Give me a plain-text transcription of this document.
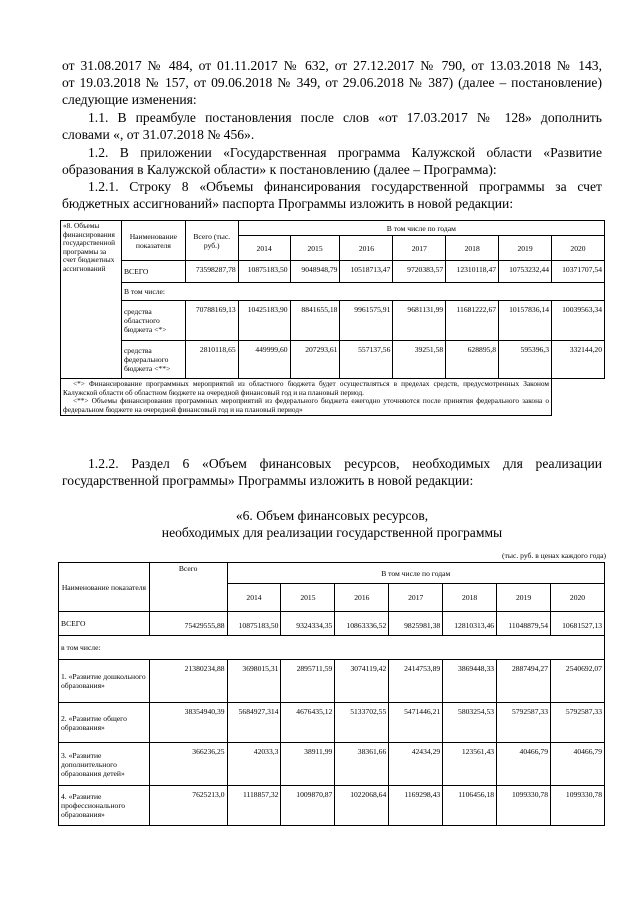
от 31.08.2017 № 484, от 01.11.2017 № 632, от 27.12.2017 № 790, от 13.03.2018 № 143,
от 19.03.2018 № 157, от 09.06.2018 № 349, от 29.06.2018 № 387) (далее – постановление)
следующие изменения:
1.1. В преамбуле постановления после слов «от 17.03.2017 № 128» дополнить
словами «, от 31.07.2018 № 456».
1.2. В приложении «Государственная программа Калужской области «Развитие
образования в Калужской области» к постановлению (далее – Программа):
1.2.1. Строку 8 «Объемы финансирования государственной программы за счет
бюджетных ассигнований» паспорта Программы изложить в новой редакции:
«8. Объемы финансирования государственной программы за счет бюджетных ассигнований	Наименование показателя	Всего (тыс. руб.)	В том числе по годам						
			2014	2015	2016	2017	2018	2019	2020
	ВСЕГО	73598287,78	10875183,50	9048948,79	10518713,47	9720383,57	12310118,47	10753232,44	10371707,54
	В том числе:								
	средства областного бюджета <*>	70788169,13	10425183,90	8841655,18	9961575,91	9681131,99	11681222,67	10157836,14	10039563,34
	средства федерального бюджета <**>	2810118,65	449999,60	207293,61	557137,56	39251,58	628895,8	595396,3	332144,20

<*> Финансирование программных мероприятий из областного бюджета будет осуществляться в пределах средств, предусмотренных Законом Калужской области об областном бюджете на очередной финансовый год и на плановый период.
<**> Объемы финансирования программных мероприятий из федерального бюджета ежегодно уточняются после принятия федерального закона о федеральном бюджете на очередной финансовый год и на плановый период»									
1.2.2. Раздел 6 «Объем финансовых ресурсов, необходимых для реализации
государственной программы» Программы изложить в новой редакции:
«6. Объем финансовых ресурсов,
необходимых для реализации государственной программы
(тыс. руб. в ценах каждого года)
Наименование показателя	Всего	В том числе по годам						
		2014	2015	2016	2017	2018	2019	2020
ВСЕГО	75429555,88	10875183,50	9324334,35	10863336,52	9825981,38	12810313,46	11048879,54	10681527,13
в том числе:								
1. «Развитие дошкольного образования»	21380234,88	3698015,31	2895711,59	3074119,42	2414753,89	3869448,33	2887494,27	2540692,07
2. «Развитие общего образования»	38354940,39	5684927,314	4676435,12	5133702,55	5471446,21	5803254,53	5792587,33	5792587,33
3. «Развитие дополнительного образования детей»	366236,25	42033,3	38911,99	38361,66	42434,29	123561,43	40466,79	40466,79
4. «Развитие профессионального образования»	7625213,0	1118857,32	1009870,87	1022068,64	1169298,43	1106456,18	1099330,78	1099330,78
